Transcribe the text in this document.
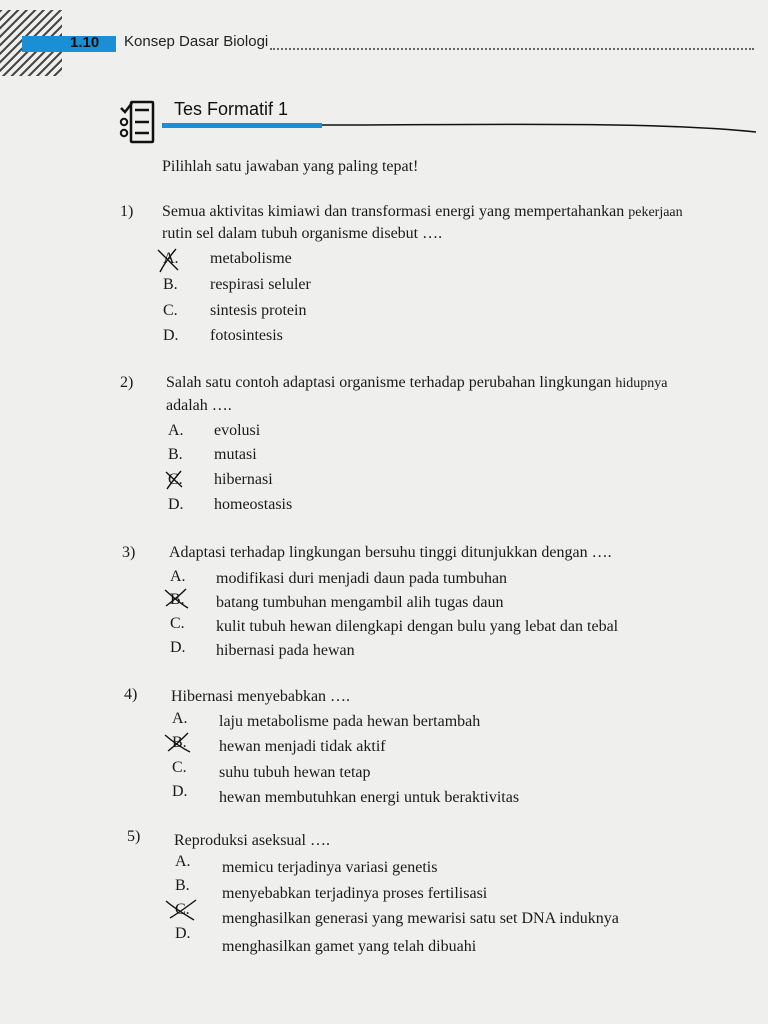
1.10 Konsep Dasar Biologi
Tes Formatif 1
Pilihlah satu jawaban yang paling tepat!
1) Semua aktivitas kimiawi dan transformasi energi yang mempertahankan pekerjaan
rutin sel dalam tubuh organisme disebut ….
A. metabolisme
B. respirasi seluler
C. sintesis protein
D. fotosintesis
2) Salah satu contoh adaptasi organisme terhadap perubahan lingkungan hidupnya
adalah ….
A. evolusi
B. mutasi
C. hibernasi
D. homeostasis
3) Adaptasi terhadap lingkungan bersuhu tinggi ditunjukkan dengan ….
A. modifikasi duri menjadi daun pada tumbuhan
B. batang tumbuhan mengambil alih tugas daun
C. kulit tubuh hewan dilengkapi dengan bulu yang lebat dan tebal
D. hibernasi pada hewan
4) Hibernasi menyebabkan ….
A. laju metabolisme pada hewan bertambah
B. hewan menjadi tidak aktif
C. suhu tubuh hewan tetap
D. hewan membutuhkan energi untuk beraktivitas
5) Reproduksi aseksual ….
A. memicu terjadinya variasi genetis
B. menyebabkan terjadinya proses fertilisasi
C.
menghasilkan generasi yang mewarisi satu set DNA induknya
D.
menghasilkan gamet yang telah dibuahi
